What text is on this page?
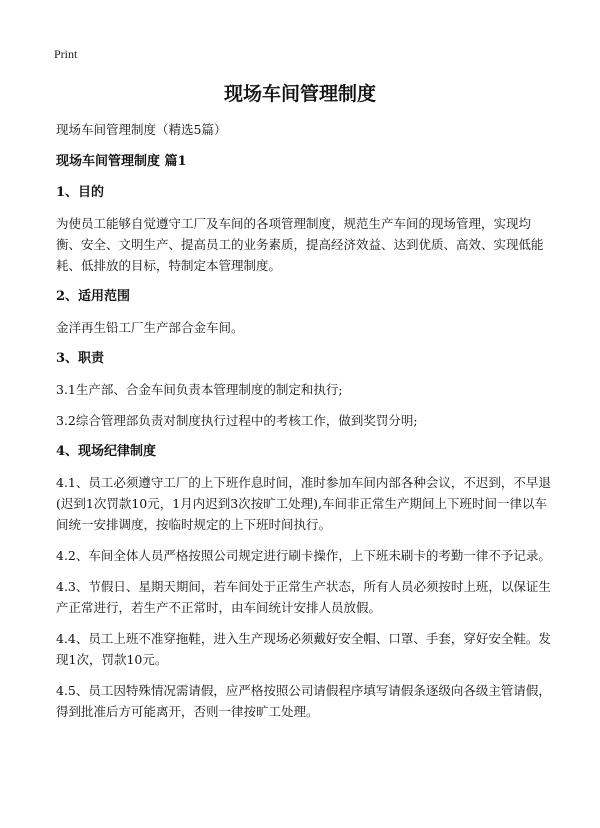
Print
现场车间管理制度

现场车间管理制度（精选5篇）

现场车间管理制度 篇1

1、目的

为使员工能够自觉遵守工厂及车间的各项管理制度，规范生产车间的现场管理，实现均衡、安全、文明生产、提高员工的业务素质，提高经济效益、达到优质、高效、实现低能耗、低排放的目标，特制定本管理制度。

2、适用范围

金洋再生铅工厂生产部合金车间。

3、职责

3.1生产部、合金车间负责本管理制度的制定和执行;

3.2综合管理部负责对制度执行过程中的考核工作，做到奖罚分明;

4、现场纪律制度

4.1、员工必须遵守工厂的上下班作息时间，准时参加车间内部各种会议，不迟到，不早退(迟到1次罚款10元，1月内迟到3次按旷工处理),车间非正常生产期间上下班时间一律以车间统一安排调度，按临时规定的上下班时间执行。

4.2、车间全体人员严格按照公司规定进行刷卡操作，上下班未刷卡的考勤一律不予记录。

4.3、节假日、星期天期间，若车间处于正常生产状态，所有人员必须按时上班，以保证生产正常进行，若生产不正常时，由车间统计安排人员放假。

4.4、员工上班不准穿拖鞋，进入生产现场必须戴好安全帽、口罩、手套，穿好安全鞋。发现1次，罚款10元。

4.5、员工因特殊情况需请假，应严格按照公司请假程序填写请假条逐级向各级主管请假，得到批准后方可能离开，否则一律按旷工处理。
